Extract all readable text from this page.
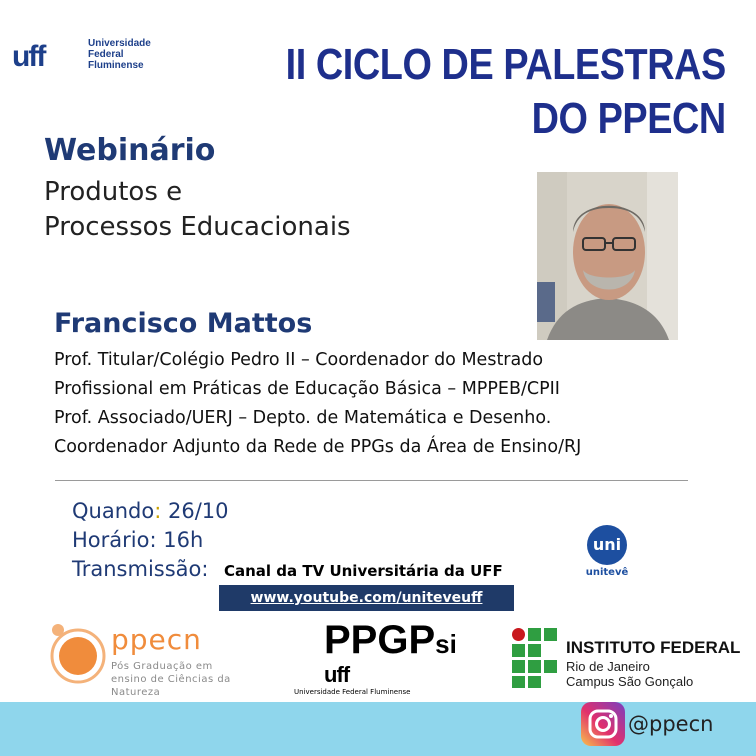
uff	Universidade
Federal
Fluminense	II CICLO DE PALESTRAS
DO PPECN
Webinário
Produtos e
Processos Educacionais
Francisco Mattos
Prof. Titular/Colégio Pedro II – Coordenador do Mestrado
Profissional em Práticas de Educação Básica – MPPEB/CPII
Prof. Associado/UERJ – Depto. de Matemática e Desenho.
Coordenador Adjunto da Rede de PPGs da Área de Ensino/RJ
Quando: 26/10
Horário: 16h
Transmissão:	Canal da TV Universitária da UFF
www.youtube.com/uniteveuff
uni
unitevê
ppecn
Pós Graduação em
ensino de Ciências da Natureza
PPGPsi
uff
Universidade Federal Fluminense
INSTITUTO FEDERAL
Rio de Janeiro
Campus São Gonçalo
@ppecn
